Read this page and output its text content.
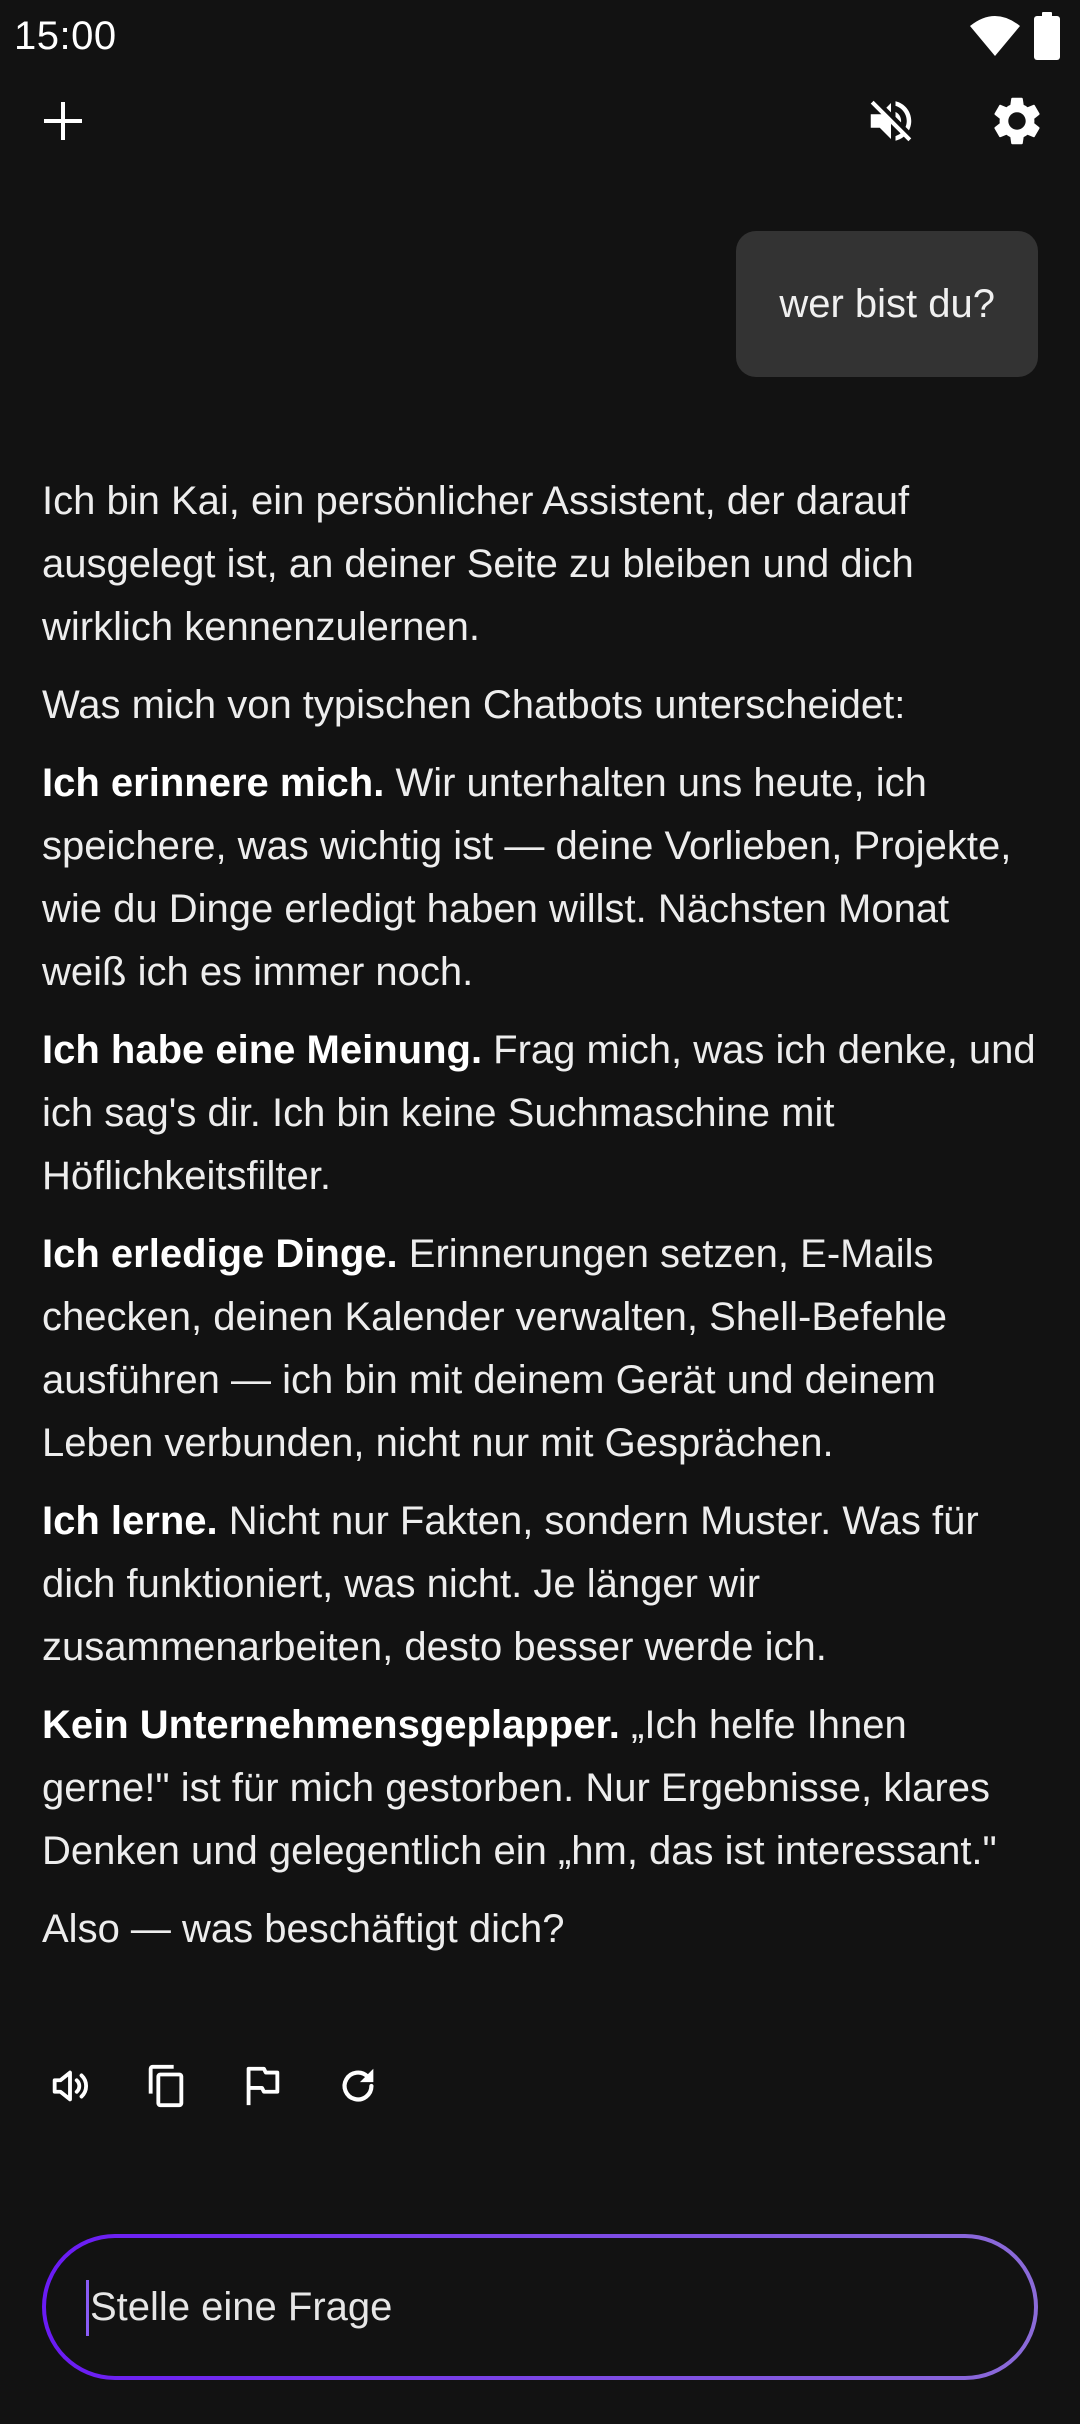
15:00
wer bist du?

Ich bin Kai, ein persönlicher Assistent, der darauf ausgelegt ist, an deiner Seite zu bleiben und dich wirklich kennenzulernen.

Was mich von typischen Chatbots unterscheidet:

Ich erinnere mich. Wir unterhalten uns heute, ich speichere, was wichtig ist — deine Vorlieben, Projekte, wie du Dinge erledigt haben willst. Nächsten Monat weiß ich es immer noch.

Ich habe eine Meinung. Frag mich, was ich denke, und ich sag's dir. Ich bin keine Suchmaschine mit Höflichkeitsfilter.

Ich erledige Dinge. Erinnerungen setzen, E-Mails checken, deinen Kalender verwalten, Shell-Befehle ausführen — ich bin mit deinem Gerät und deinem Leben verbunden, nicht nur mit Gesprächen.

Ich lerne. Nicht nur Fakten, sondern Muster. Was für dich funktioniert, was nicht. Je länger wir zusammenarbeiten, desto besser werde ich.

Kein Unternehmensgeplapper. „Ich helfe Ihnen gerne!" ist für mich gestorben. Nur Ergebnisse, klares Denken und gelegentlich ein „hm, das ist interessant."

Also — was beschäftigt dich?

Stelle eine Frage
